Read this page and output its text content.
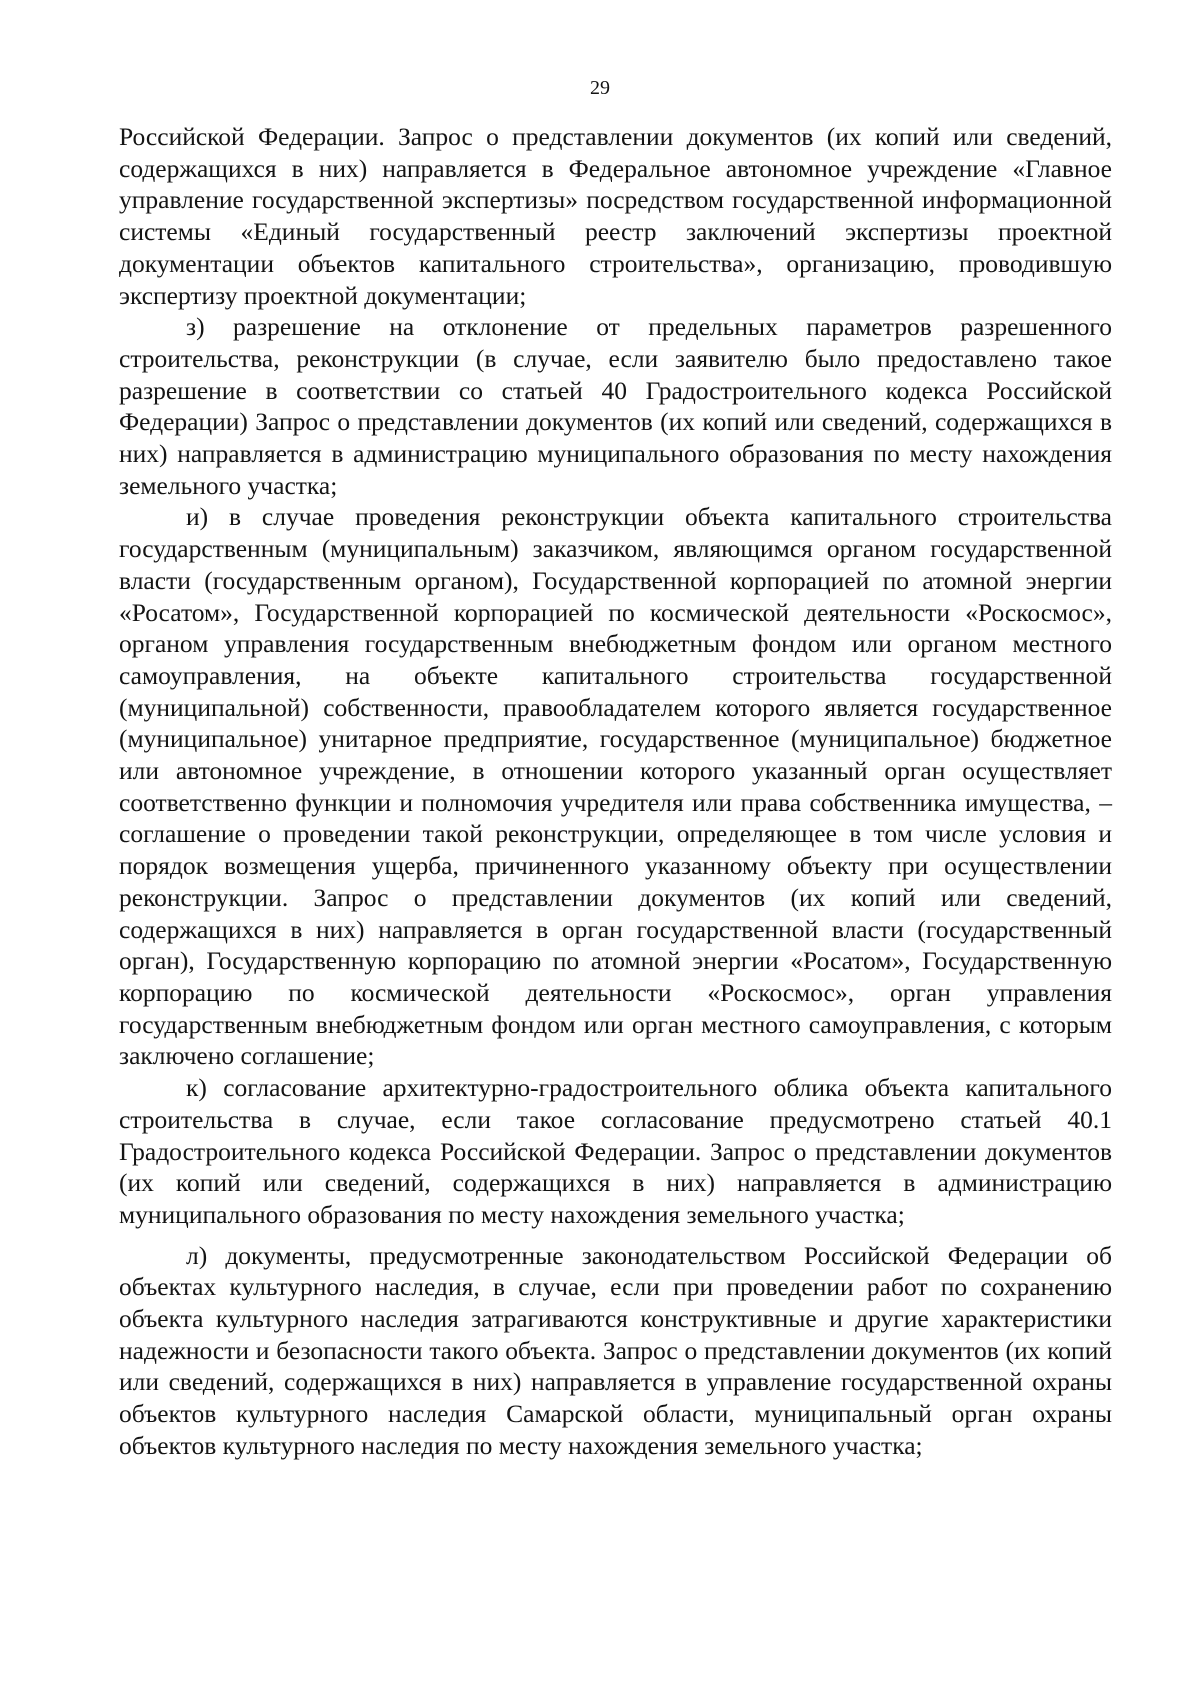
29

Российской Федерации. Запрос о представлении документов (их копий или сведений, содержащихся в них) направляется в Федеральное автономное учреждение «Главное управление государственной экспертизы» посредством государственной информационной системы «Единый государственный реестр заключений экспертизы проектной документации объектов капитального строительства», организацию, проводившую экспертизу проектной документации;

з) разрешение на отклонение от предельных параметров разрешенного строительства, реконструкции (в случае, если заявителю было предоставлено такое разрешение в соответствии со статьей 40 Градостроительного кодекса Российской Федерации) Запрос о представлении документов (их копий или сведений, содержащихся в них) направляется в администрацию муниципального образования по месту нахождения земельного участка;

и) в случае проведения реконструкции объекта капитального строительства государственным (муниципальным) заказчиком, являющимся органом государственной власти (государственным органом), Государственной корпорацией по атомной энергии «Росатом», Государственной корпорацией по космической деятельности «Роскосмос», органом управления государственным внебюджетным фондом или органом местного самоуправления, на объекте капитального строительства государственной (муниципальной) собственности, правообладателем которого является государственное (муниципальное) унитарное предприятие, государственное (муниципальное) бюджетное или автономное учреждение, в отношении которого указанный орган осуществляет соответственно функции и полномочия учредителя или права собственника имущества, – соглашение о проведении такой реконструкции, определяющее в том числе условия и порядок возмещения ущерба, причиненного указанному объекту при осуществлении реконструкции. Запрос о представлении документов (их копий или сведений, содержащихся в них) направляется в орган государственной власти (государственный орган), Государственную корпорацию по атомной энергии «Росатом», Государственную корпорацию по космической деятельности «Роскосмос», орган управления государственным внебюджетным фондом или орган местного самоуправления, с которым заключено соглашение;

к) согласование архитектурно-градостроительного облика объекта капитального строительства в случае, если такое согласование предусмотрено статьей 40.1 Градостроительного кодекса Российской Федерации. Запрос о представлении документов (их копий или сведений, содержащихся в них) направляется в администрацию муниципального образования по месту нахождения земельного участка;

л) документы, предусмотренные законодательством Российской Федерации об объектах культурного наследия, в случае, если при проведении работ по сохранению объекта культурного наследия затрагиваются конструктивные и другие характеристики надежности и безопасности такого объекта. Запрос о представлении документов (их копий или сведений, содержащихся в них) направляется в управление государственной охраны объектов культурного наследия Самарской области, муниципальный орган охраны объектов культурного наследия по месту нахождения земельного участка;
